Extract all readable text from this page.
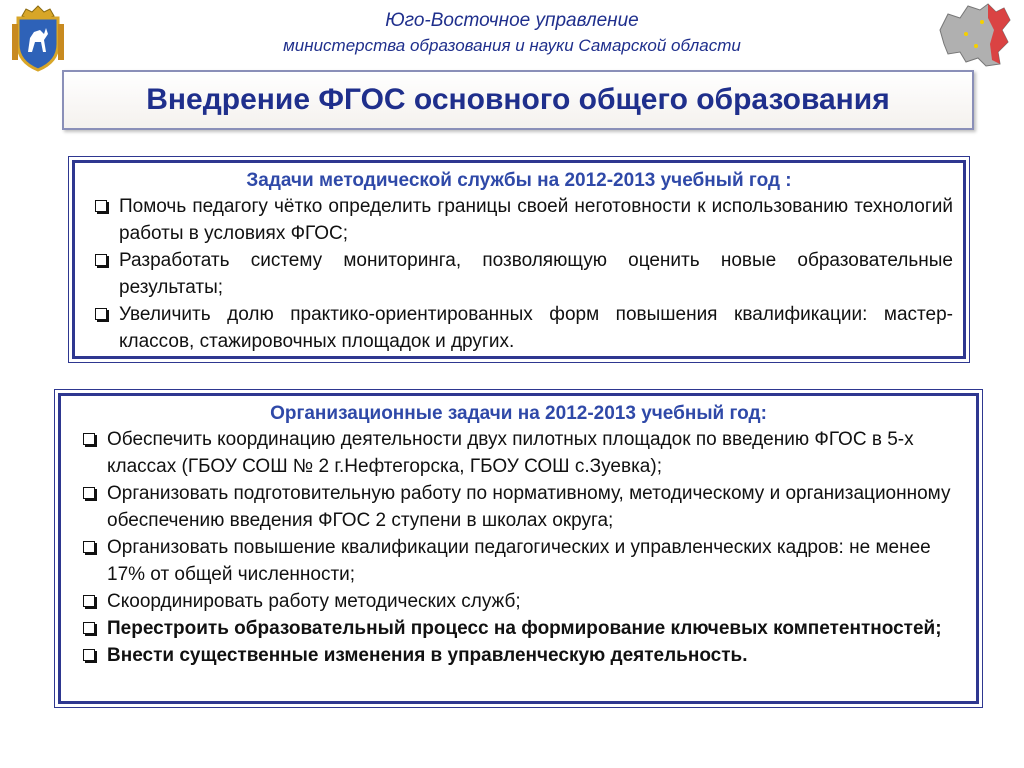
Юго-Восточное управление
министерства образования и науки Самарской области
Внедрение ФГОС основного общего образования
Задачи методической службы на 2012-2013 учебный год :
Помочь педагогу чётко определить границы своей неготовности к использованию технологий работы в условиях ФГОС;
Разработать систему мониторинга, позволяющую оценить новые образовательные результаты;
Увеличить долю практико-ориентированных форм повышения квалификации: мастер-классов, стажировочных площадок и других.
Организационные задачи на 2012-2013 учебный год:
Обеспечить координацию деятельности двух пилотных площадок по введению ФГОС в 5-х классах (ГБОУ СОШ № 2 г.Нефтегорска, ГБОУ СОШ с.Зуевка);
Организовать подготовительную работу по нормативному, методическому и организационному обеспечению введения ФГОС 2 ступени в школах округа;
Организовать повышение квалификации педагогических и управленческих кадров: не менее 17% от общей численности;
Скоординировать работу методических служб;
Перестроить образовательный процесс на формирование ключевых компетентностей;
Внести существенные изменения в управленческую деятельность.
